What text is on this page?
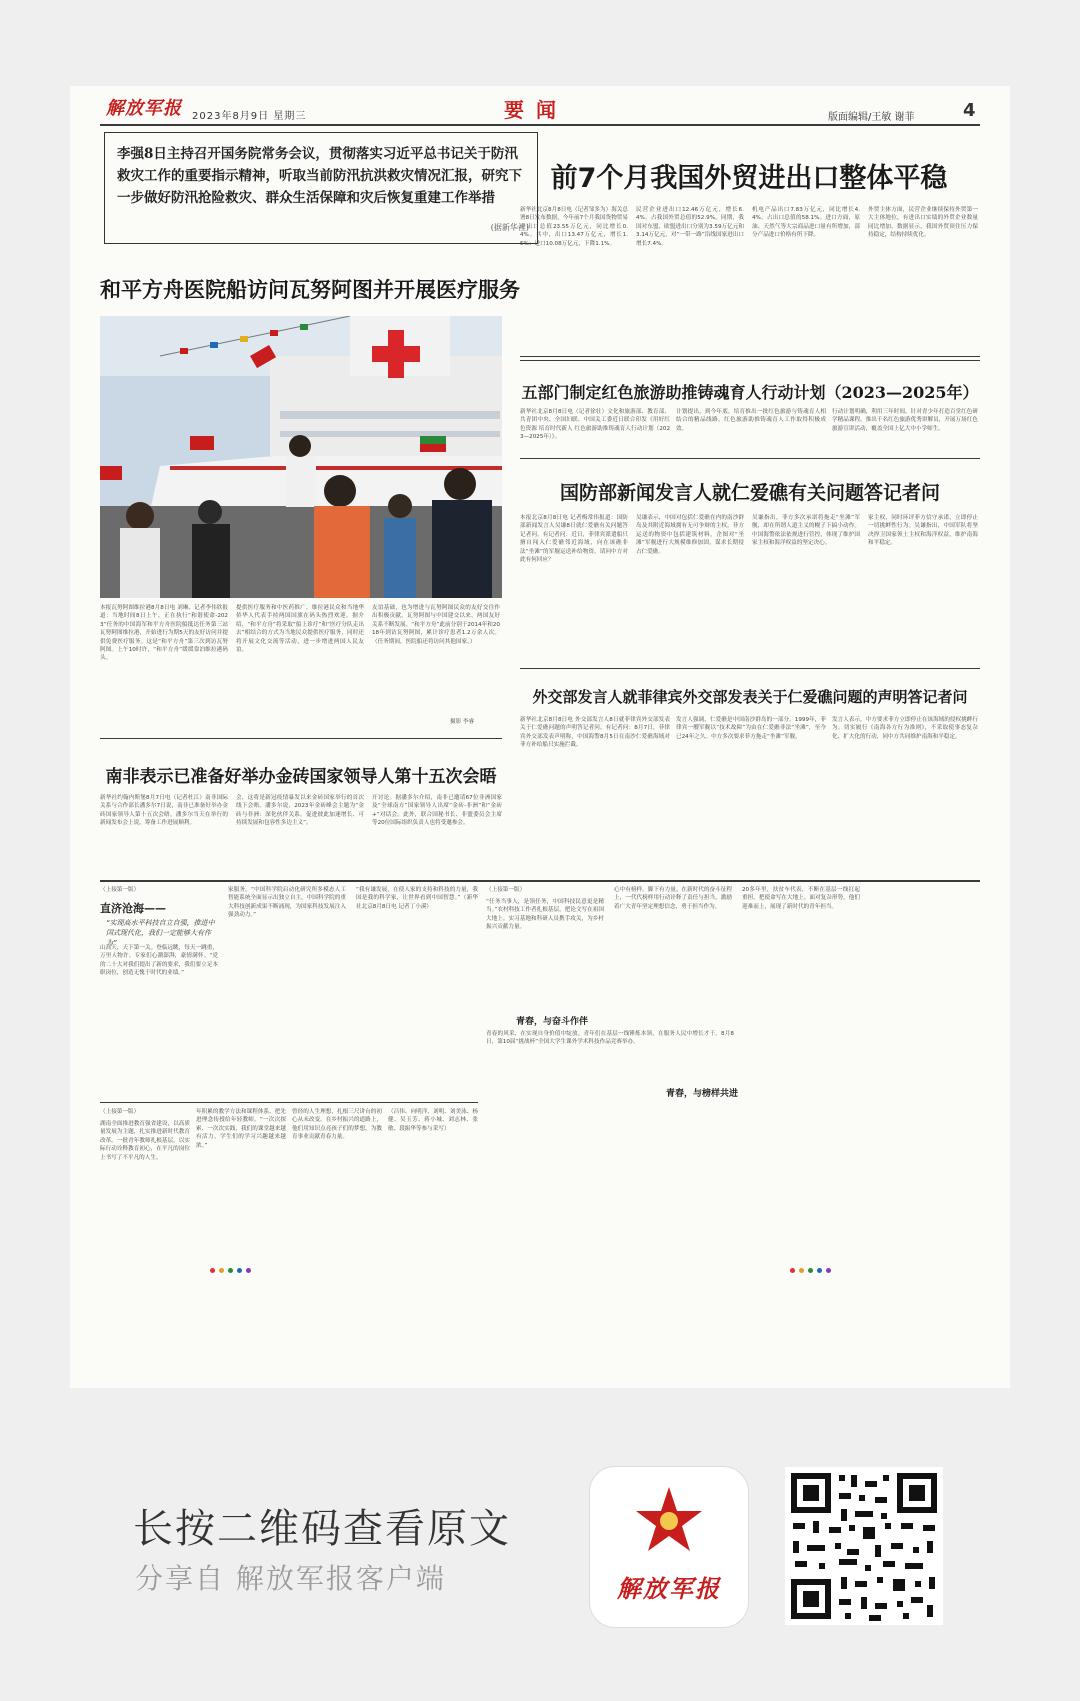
解放军报 2023年8月9日 星期三	要闻	版面编辑/王敏 谢菲	4
李强8日主持召开国务院常务会议，贯彻落实习近平总书记关于防汛救灾工作的重要指示精神，听取当前防汛抗洪救灾情况汇报，研究下一步做好防汛抢险救灾、群众生活保障和灾后恢复重建工作举措
(据新华社)
前7个月我国外贸进出口整体平稳
新华社北京8月8日电（记者邹多为）海关总署8日发布数据，今年前7个月我国货物贸易进出口总值23.55万亿元，同比增长0.4%。其中，出口13.47万亿元，增长1.5%；进口10.08万亿元，下降1.1%。
民营企业进出口12.46万亿元，增长6.4%，占我国外贸总值的52.9%。同期，我国对东盟、欧盟进出口分别为3.59万亿元和3.14万亿元，对“一带一路”沿线国家进出口增长7.4%。
机电产品出口7.83万亿元，同比增长4.4%，占出口总值的58.1%。进口方面，原油、天然气等大宗商品进口量有所增加，部分产品进口价格有所下降。
外贸主体方面，民营企业继续保持外贸第一大主体地位，有进出口实绩的外贸企业数量同比增加。数据显示，我国外贸顶住压力保持稳定，结构持续优化。
和平方舟医院船访问瓦努阿图并开展医疗服务
本报瓦努阿图维拉港8月8日电 刘琳、记者李伟欣报道：当地时间8日上午，正在执行“和谐使命-2023”任务的中国海军和平方舟医院船抵达任务第三站瓦努阿图维拉港，开始进行为期5天的友好访问并提供免费医疗服务。这是“和平方舟”第三次到访瓦努阿图。上午10时许，“和平方舟”缓缓靠泊维拉港码头。
提供医疗服务和中医药推广。维拉港民众和当地华侨华人代表手持两国国旗在码头热烈欢迎。据介绍，“和平方舟”将采取“船上诊疗”和“医疗分队走出去”相结合的方式为当地民众提供医疗服务，同时还将开展文化交流等活动，进一步增进两国人民友谊。
友谊基础，也为增进与瓦努阿图民众的友好交往作出积极贡献。瓦努阿图与中国建交以来，两国友好关系不断发展。“和平方舟”此前分别于2014年和2018年到访瓦努阿图，累计诊疗患者1.2万余人次。（任务期间，医院船还将访问其他国家。）
摄影 李睿
五部门制定红色旅游助推铸魂育人行动计划（2023—2025年）
新华社北京8月8日电（记者徐壮）文化和旅游部、教育部、共青团中央、全国妇联、中国关工委近日联合印发《用好红色资源 培育时代新人 红色旅游助推铸魂育人行动计划（2023—2025年）》。
计划提出，到今年底，培育推出一批红色旅游与铸魂育人相结合的精品线路，红色旅游助推铸魂育人工作取得积极成效。
行动计划明确，利用三年时间，针对青少年打造百堂红色研学精品课程，推出千名红色旅游优秀讲解员，开展万场红色旅游宣讲活动，覆盖全国上亿大中小学师生。
国防部新闻发言人就仁爱礁有关问题答记者问
本报北京8月8日电 记者梅常伟报道：国防部新闻发言人吴谦8日就仁爱礁有关问题答记者问。有记者问：近日，菲律宾派遣船只擅自闯入仁爱礁邻近海域，向在该礁非法“坐滩”的军舰运送补给物资。请问中方对此有何回应？
吴谦表示，中国对包括仁爱礁在内的南沙群岛及其附近海域拥有无可争辩的主权。菲方运送的物资中包括建筑材料，企图对“坐滩”军舰进行大规模维修加固，谋求长期侵占仁爱礁。
吴谦指出，菲方多次承诺将拖走“坐滩”军舰，却在所谓人道主义的幌子下搞小动作。中国海警依法依规进行管控，体现了维护国家主权和海洋权益的坚定决心。
家主权，同时环评菲方信守承诺，立即停止一切挑衅性行为。吴谦指出，中国军队将坚决捍卫国家领土主权和海洋权益，维护南海和平稳定。
外交部发言人就菲律宾外交部发表关于仁爱礁问题的声明答记者问
新华社北京8月8日电 外交部发言人8日就菲律宾外交部发表关于仁爱礁问题的声明答记者问。有记者问：8月7日，菲律宾外交部发表声明称，中国海警8月5日在南沙仁爱礁海域对菲方补给船只实施拦截。
发言人强调，仁爱礁是中国南沙群岛的一部分。1999年，菲律宾一艘军舰以“技术故障”为由在仁爱礁非法“坐滩”，至今已24年之久。中方多次要求菲方拖走“坐滩”军舰。
发言人表示，中方要求菲方立即停止在该海域的侵权挑衅行为，切实履行《南海各方行为准则》，不采取使事态复杂化、扩大化的行动，同中方共同维护南海和平稳定。
南非表示已准备好举办金砖国家领导人第十五次会晤
新华社约翰内斯堡8月7日电（记者杜江）南非国际关系与合作部长潘多尔7日说，南非已准备好举办金砖国家领导人第十五次会晤。潘多尔当天在举行的新闻发布会上说，筹备工作进展顺利。
会，这将是新冠疫情暴发以来金砖国家举行的首次线下会晤。潘多尔说，2023年金砖峰会主题为“金砖与非洲：深化伙伴关系，促进彼此加速增长、可持续发展和包容性多边主义”。
开讨论。据潘多尔介绍，南非已邀请67位非洲国家及“全球南方”国家领导人出席“金砖-非洲”和“金砖+”对话会。此外，联合国秘书长、非盟委员会主席等20位国际组织负责人也将受邀参会。
（上接第一版）
直济沧海——
“实现高水平科技自立自强，推进中国式现代化，我们一定能够大有作为”
山高天，天下第一关。登临远眺，每天一跳重，万里人物许。专家们心潮澎湃，豪情满怀。“党的二十大对我们提出了新的要求，我们要立足本职岗位，创造无愧于时代的业绩。”
家服务。“中国科学院启动化研究所多模态人工智能系统全面显示出独立自主，中国科学院的重大科技创新成果不断涌现，为国家科技发展注入强劲动力。”
“我有谦发展，在使人家的支持和科技的力量，我国是我的科学家，让世界看到中国智慧。”（新华社北京8月8日电 记者丁小溪）
（上接第一版）
“任务当事人，是领任务，中国科技民意更是精当。”农村科技工作者扎根基层，把论文写在祖国大地上。实习基地和科研人员携手攻关，为乡村振兴贡献力量。
青春，与奋斗作伴
青春的风采，在实现自身价值中绽放。青年们在基层一线锤炼本领，在服务人民中增长才干。8月8日，第10届“挑战杯”全国大学生课外学术科技作品竞赛举办。
青春，与榜样共进
心中有榜样，脚下有力量。在新时代的奋斗征程上，一代代榜样用行动诠释了责任与担当，激励着广大青年坚定理想信念，勇于担当作为。
20多年里，扶贫车代表，不断在基层一线扛起重担，把使命写在大地上。面对复杂形势，他们迎难而上，展现了新时代的青年担当。
（上接第一版）
湖南全面推进教育强省建设，以高质量发展为主题，扎实推进新时代教育改革。一批青年教师扎根基层，以实际行动诠释教育初心，在平凡的岗位上书写了不平凡的人生。
年积累的教学方法和课程体系，把先进理念传授给年轻教师。“一次次探索、一次次实践，我们的课堂越来越有活力，学生们的学习兴趣越来越浓。”
曾经的人生理想，扎根三尺讲台的初心从未改变。在乡村振兴的道路上，他们用知识点亮孩子们的梦想，为教育事业贡献青春力量。
（吕伟、向明洋、刘明、刘美泳、杨健、吴玉芳、蒋小城、刘志林、张敏、段振华等参与采写）
长按二维码查看原文
分享自 解放军报客户端	解放军报
